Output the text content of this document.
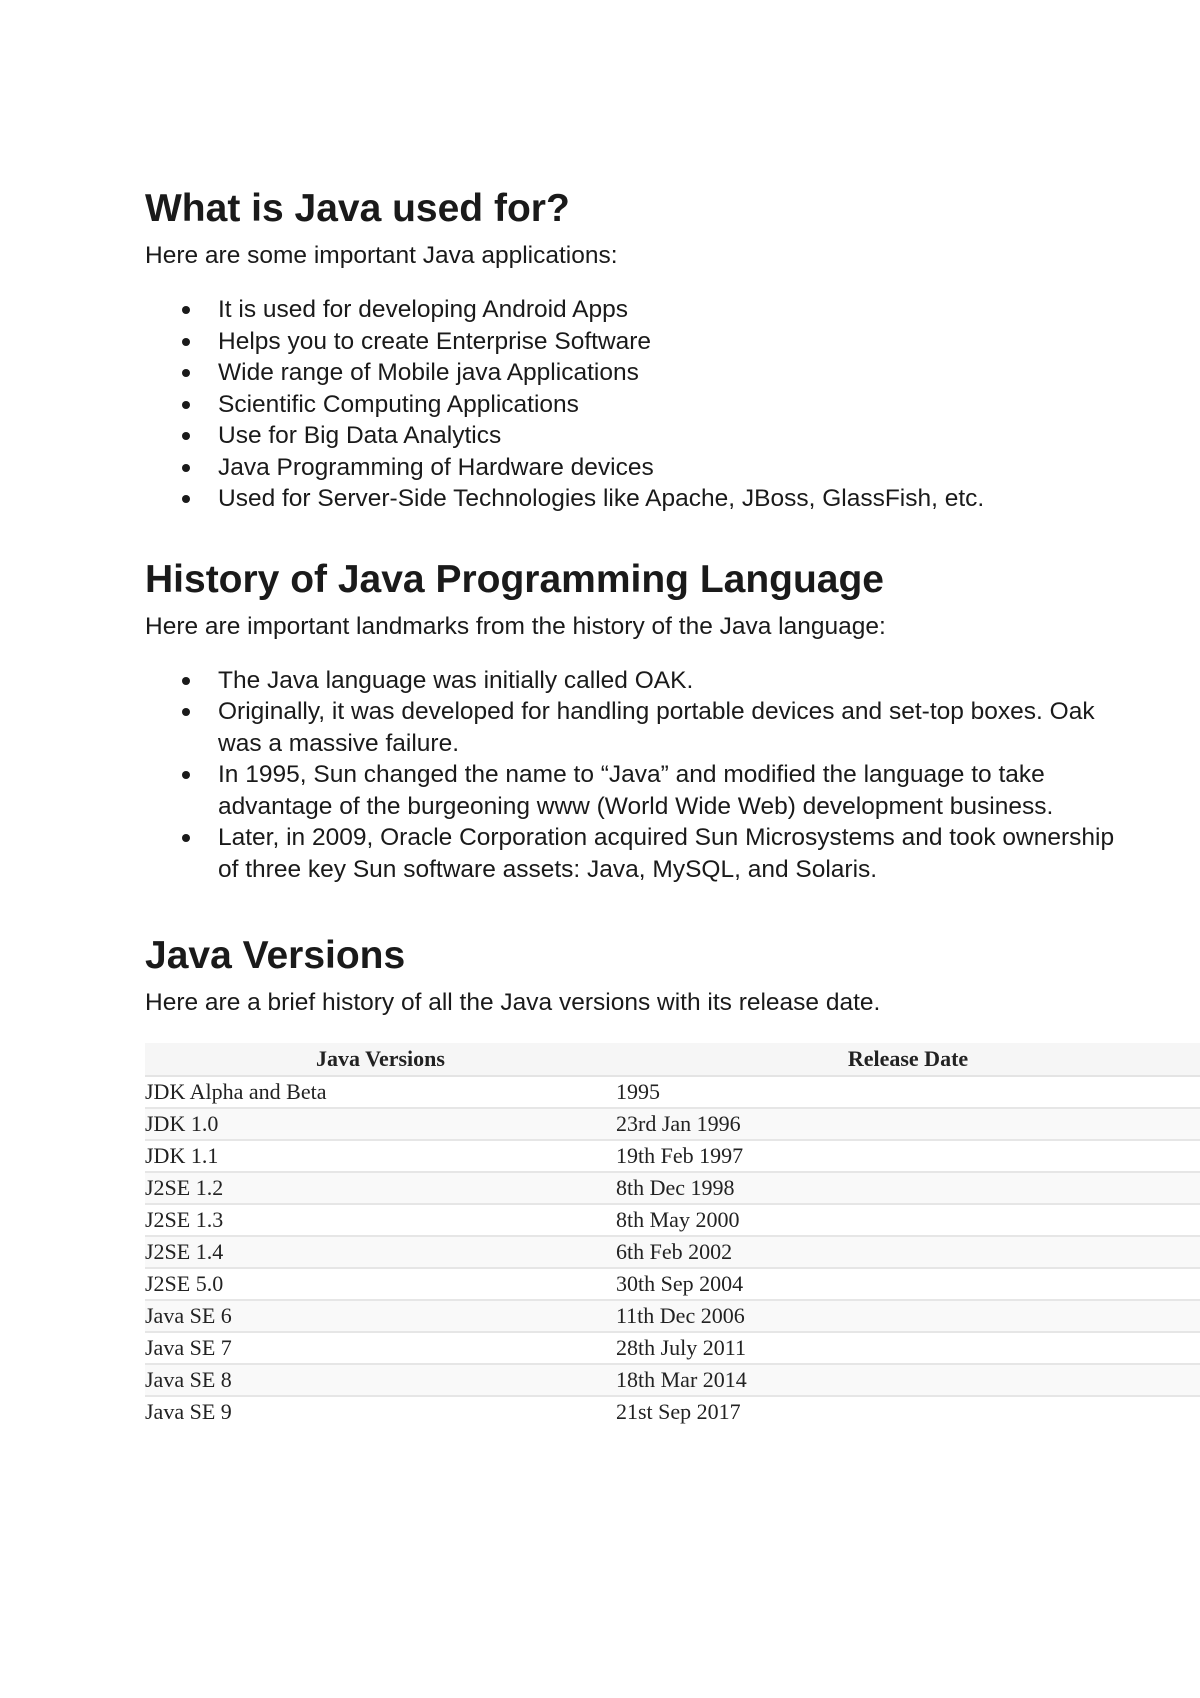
What is Java used for?

Here are some important Java applications:

It is used for developing Android Apps
Helps you to create Enterprise Software
Wide range of Mobile java Applications
Scientific Computing Applications
Use for Big Data Analytics
Java Programming of Hardware devices
Used for Server-Side Technologies like Apache, JBoss, GlassFish, etc.
History of Java Programming Language

Here are important landmarks from the history of the Java language:

The Java language was initially called OAK.
Originally, it was developed for handling portable devices and set-top boxes. Oak was a massive failure.
In 1995, Sun changed the name to “Java” and modified the language to take advantage of the burgeoning www (World Wide Web) development business.
Later, in 2009, Oracle Corporation acquired Sun Microsystems and took ownership of three key Sun software assets: Java, MySQL, and Solaris.
Java Versions

Here are a brief history of all the Java versions with its release date.

Java Versions	Release Date
JDK Alpha and Beta	1995
JDK 1.0	23rd Jan 1996
JDK 1.1	19th Feb 1997
J2SE 1.2	8th Dec 1998
J2SE 1.3	8th May 2000
J2SE 1.4	6th Feb 2002
J2SE 5.0	30th Sep 2004
Java SE 6	11th Dec 2006
Java SE 7	28th July 2011
Java SE 8	18th Mar 2014
Java SE 9	21st Sep 2017
